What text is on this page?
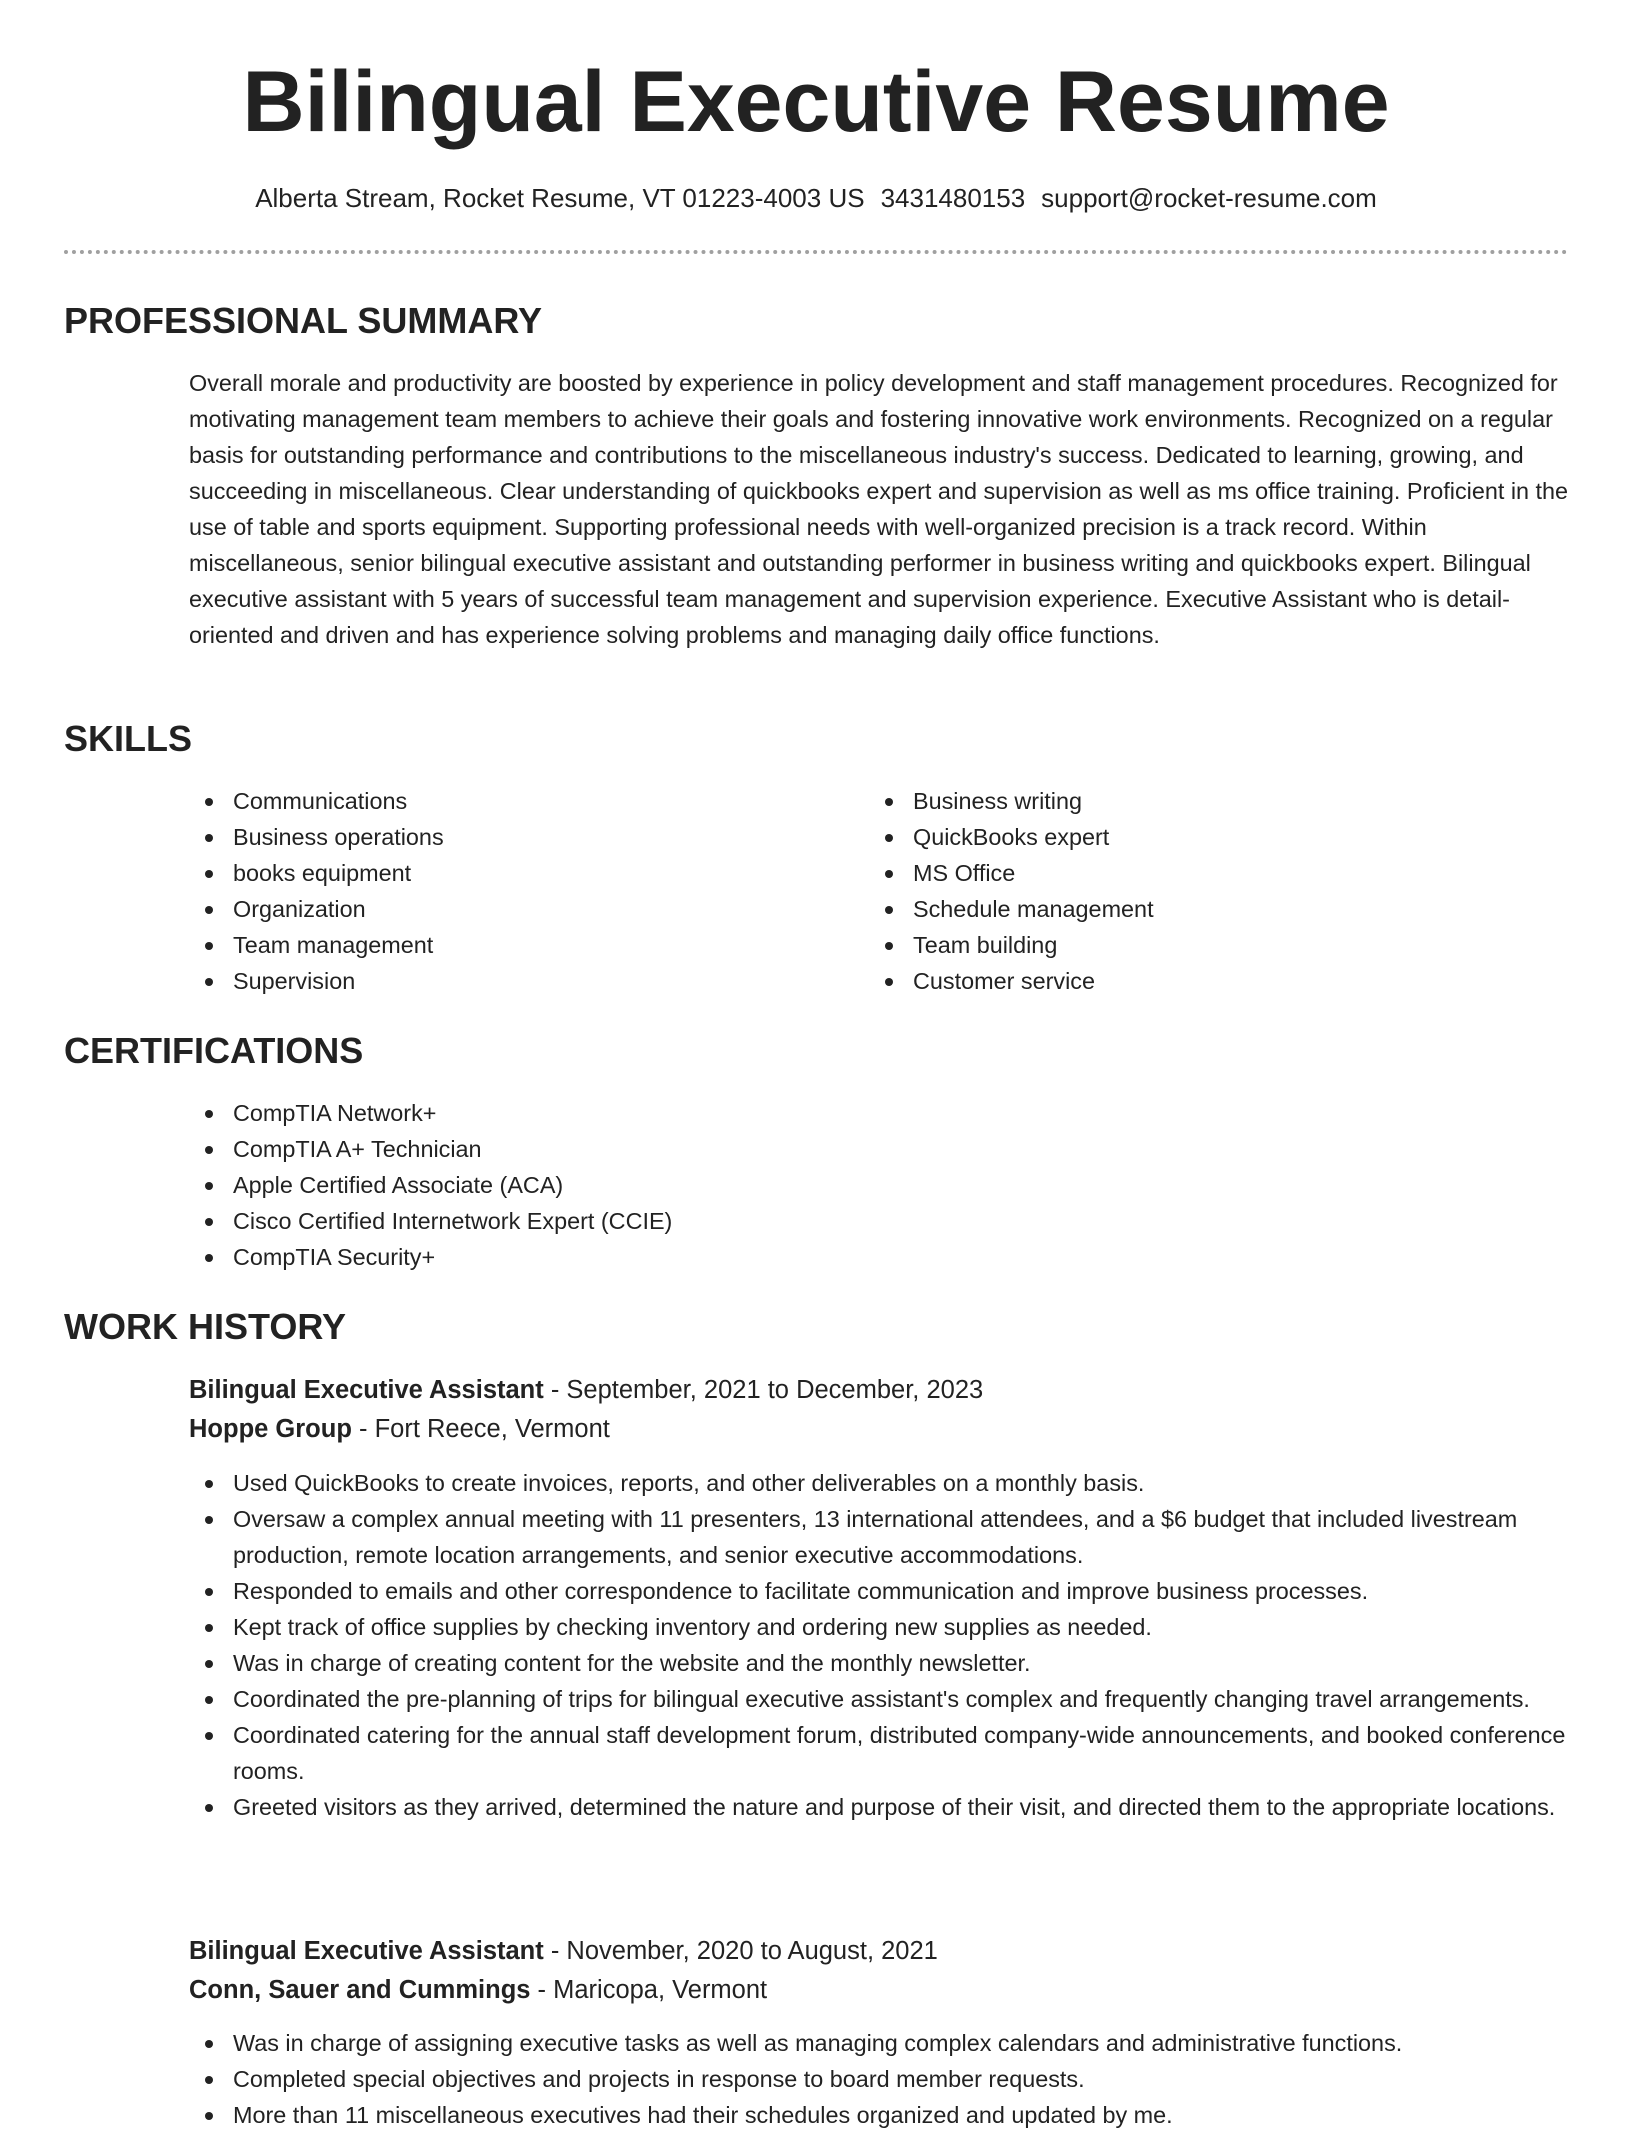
Bilingual Executive Resume
Alberta Stream, Rocket Resume, VT 01223-4003 US 3431480153 support@rocket-resume.com
PROFESSIONAL SUMMARY
Overall morale and productivity are boosted by experience in policy development and staff management procedures. Recognized for motivating management team members to achieve their goals and fostering innovative work environments. Recognized on a regular basis for outstanding performance and contributions to the miscellaneous industry's success. Dedicated to learning, growing, and succeeding in miscellaneous. Clear understanding of quickbooks expert and supervision as well as ms office training. Proficient in the use of table and sports equipment. Supporting professional needs with well-organized precision is a track record. Within miscellaneous, senior bilingual executive assistant and outstanding performer in business writing and quickbooks expert. Bilingual executive assistant with 5 years of successful team management and supervision experience. Executive Assistant who is detail-oriented and driven and has experience solving problems and managing daily office functions.
SKILLS
Communications
Business operations
books equipment
Organization
Team management
Supervision
Business writing
QuickBooks expert
MS Office
Schedule management
Team building
Customer service
CERTIFICATIONS
CompTIA Network+
CompTIA A+ Technician
Apple Certified Associate (ACA)
Cisco Certified Internetwork Expert (CCIE)
CompTIA Security+
WORK HISTORY
Bilingual Executive Assistant - September, 2021 to December, 2023
Hoppe Group - Fort Reece, Vermont
Used QuickBooks to create invoices, reports, and other deliverables on a monthly basis.
Oversaw a complex annual meeting with 11 presenters, 13 international attendees, and a $6 budget that included livestream production, remote location arrangements, and senior executive accommodations.
Responded to emails and other correspondence to facilitate communication and improve business processes.
Kept track of office supplies by checking inventory and ordering new supplies as needed.
Was in charge of creating content for the website and the monthly newsletter.
Coordinated the pre-planning of trips for bilingual executive assistant's complex and frequently changing travel arrangements.
Coordinated catering for the annual staff development forum, distributed company-wide announcements, and booked conference rooms.
Greeted visitors as they arrived, determined the nature and purpose of their visit, and directed them to the appropriate locations.
Bilingual Executive Assistant - November, 2020 to August, 2021
Conn, Sauer and Cummings - Maricopa, Vermont
Was in charge of assigning executive tasks as well as managing complex calendars and administrative functions.
Completed special objectives and projects in response to board member requests.
More than 11 miscellaneous executives had their schedules organized and updated by me.
